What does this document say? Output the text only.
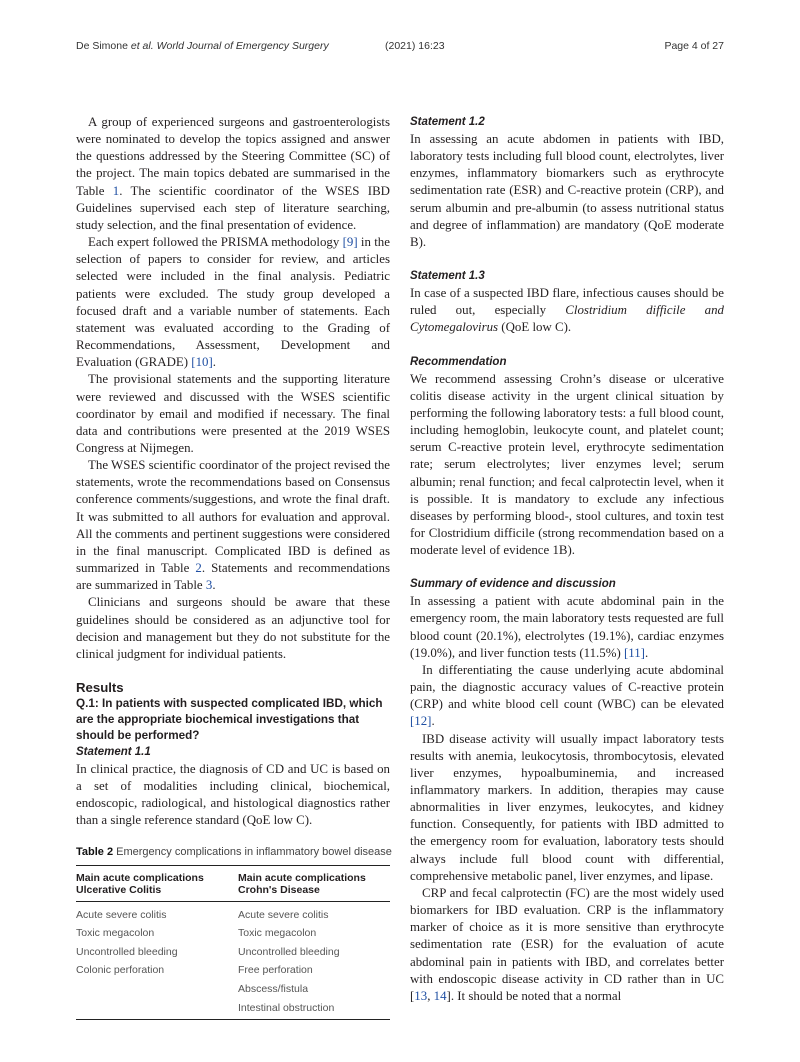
De Simone et al. World Journal of Emergency Surgery	(2021) 16:23	Page 4 of 27

A group of experienced surgeons and gastroenterologists were nominated to develop the topics assigned and answer the questions addressed by the Steering Committee (SC) of the project. The main topics debated are summarised in the Table 1. The scientific coordinator of the WSES IBD Guidelines supervised each step of literature searching, study selection, and the final presentation of evidence.

Each expert followed the PRISMA methodology [9] in the selection of papers to consider for review, and articles selected were included in the final analysis. Pediatric patients were excluded. The study group developed a focused draft and a variable number of statements. Each statement was evaluated according to the Grading of Recommendations, Assessment, Development and Evaluation (GRADE) [10].

The provisional statements and the supporting literature were reviewed and discussed with the WSES scientific coordinator by email and modified if necessary. The final data and contributions were presented at the 2019 WSES Congress at Nijmegen.

The WSES scientific coordinator of the project revised the statements, wrote the recommendations based on Consensus conference comments/suggestions, and wrote the final draft. It was submitted to all authors for evaluation and approval. All the comments and pertinent suggestions were considered in the final manuscript. Complicated IBD is defined as summarized in Table 2. Statements and recommendations are summarized in Table 3.

Clinicians and surgeons should be aware that these guidelines should be considered as an adjunctive tool for decision and management but they do not substitute for the clinical judgment for individual patients.

Results
Q.1: In patients with suspected complicated IBD, which are the appropriate biochemical investigations that should be performed?
Statement 1.1

In clinical practice, the diagnosis of CD and UC is based on a set of modalities including clinical, biochemical, endoscopic, radiological, and histological diagnostics rather than a single reference standard (QoE low C).

Table 2 Emergency complications in inflammatory bowel disease
Main acute complications Ulcerative Colitis	Main acute complications Crohn's Disease
Acute severe colitis	Acute severe colitis
Toxic megacolon	Toxic megacolon
Uncontrolled bleeding	Uncontrolled bleeding
Colonic perforation	Free perforation
	Abscess/fistula
	Intestinal obstruction
Statement 1.2

In assessing an acute abdomen in patients with IBD, laboratory tests including full blood count, electrolytes, liver enzymes, inflammatory biomarkers such as erythrocyte sedimentation rate (ESR) and C-reactive protein (CRP), and serum albumin and pre-albumin (to assess nutritional status and degree of inflammation) are mandatory (QoE moderate B).

Statement 1.3

In case of a suspected IBD flare, infectious causes should be ruled out, especially Clostridium difficile and Cytomegalovirus (QoE low C).

Recommendation

We recommend assessing Crohn’s disease or ulcerative colitis disease activity in the urgent clinical situation by performing the following laboratory tests: a full blood count, including hemoglobin, leukocyte count, and platelet count; serum C-reactive protein level, erythrocyte sedimentation rate; serum electrolytes; liver enzymes level; serum albumin; renal function; and fecal calprotectin level, when it is possible. It is mandatory to exclude any infectious diseases by performing blood-, stool cultures, and toxin test for Clostridium difficile (strong recommendation based on a moderate level of evidence 1B).

Summary of evidence and discussion

In assessing a patient with acute abdominal pain in the emergency room, the main laboratory tests requested are full blood count (20.1%), electrolytes (19.1%), cardiac enzymes (19.0%), and liver function tests (11.5%) [11].

In differentiating the cause underlying acute abdominal pain, the diagnostic accuracy values of C-reactive protein (CRP) and white blood cell count (WBC) can be elevated [12].

IBD disease activity will usually impact laboratory tests results with anemia, leukocytosis, thrombocytosis, elevated liver enzymes, hypoalbuminemia, and increased inflammatory markers. In addition, therapies may cause abnormalities in liver enzymes, leukocytes, and kidney function. Consequently, for patients with IBD admitted to the emergency room for evaluation, laboratory tests should always include full blood count with differential, comprehensive metabolic panel, liver enzymes, and lipase.

CRP and fecal calprotectin (FC) are the most widely used biomarkers for IBD evaluation. CRP is the inflammatory marker of choice as it is more sensitive than erythrocyte sedimentation rate (ESR) for the evaluation of acute abdominal pain in patients with IBD, and correlates better with endoscopic disease activity in CD rather than in UC [13, 14]. It should be noted that a normal
